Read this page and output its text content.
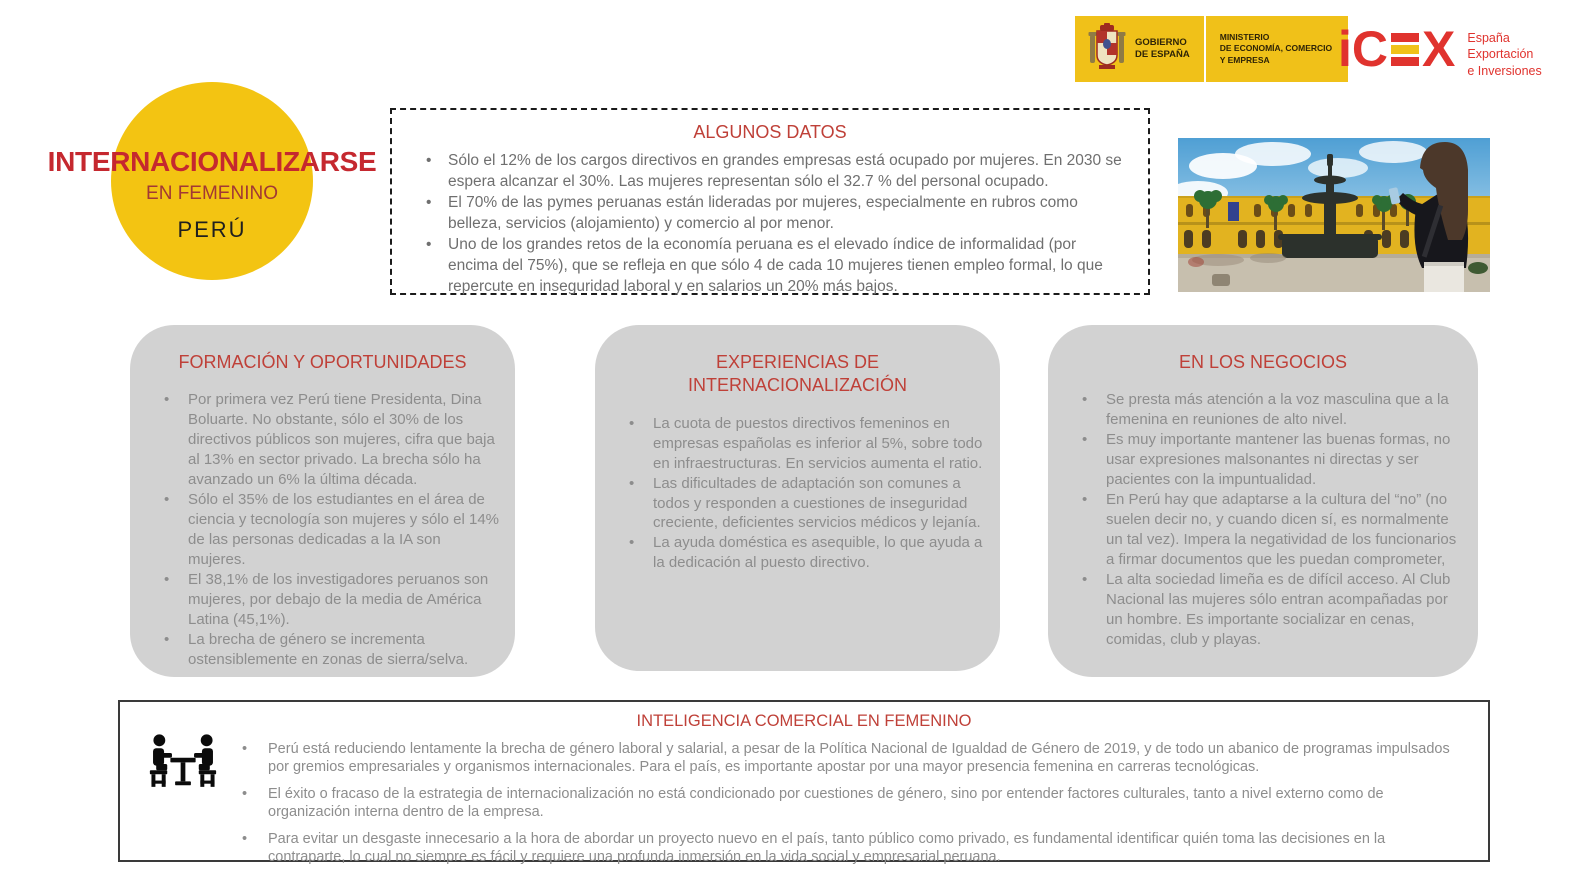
INTERNACIONALIZARSE
EN FEMENINO
PERÚ
GOBIERNO
DE ESPAÑA
MINISTERIO
DE ECONOMÍA, COMERCIO
Y EMPRESA	i C X España
Exportación
e Inversiones
ALGUNOS DATOS
• Sólo el 12% de los cargos directivos en grandes empresas está ocupado por mujeres. En 2030 se espera alcanzar el 30%. Las mujeres representan sólo el 32.7 % del personal ocupado.
• El 70% de las pymes peruanas están lideradas por mujeres, especialmente en rubros como belleza, servicios (alojamiento) y comercio al por menor.
• Uno de los grandes retos de la economía peruana es el elevado índice de informalidad (por encima del 75%), que se refleja en que sólo 4 de cada 10 mujeres tienen empleo formal, lo que repercute en inseguridad laboral y en salarios un 20% más bajos.
FORMACIÓN Y OPORTUNIDADES
• Por primera vez Perú tiene Presidenta, Dina Boluarte. No obstante, sólo el 30% de los directivos públicos son mujeres, cifra que baja al 13% en sector privado. La brecha sólo ha avanzado un 6% la última década.
• Sólo el 35% de los estudiantes en el área de ciencia y tecnología son mujeres y sólo el 14% de las personas dedicadas a la IA son mujeres.
• El 38,1% de los investigadores peruanos son mujeres, por debajo de la media de América Latina (45,1%).
• La brecha de género se incrementa ostensiblemente en zonas de sierra/selva.
EXPERIENCIAS DE INTERNACIONALIZACIÓN
• La cuota de puestos directivos femeninos en empresas españolas es inferior al 5%, sobre todo en infraestructuras. En servicios aumenta el ratio.
• Las dificultades de adaptación son comunes a todos y responden a cuestiones de inseguridad creciente, deficientes servicios médicos y lejanía.
• La ayuda doméstica es asequible, lo que ayuda a la dedicación al puesto directivo.
EN LOS NEGOCIOS
• Se presta más atención a la voz masculina que a la femenina en reuniones de alto nivel.
• Es muy importante mantener las buenas formas, no usar expresiones malsonantes ni directas y ser pacientes con la impuntualidad.
• En Perú hay que adaptarse a la cultura del “no” (no suelen decir no, y cuando dicen sí, es normalmente un tal vez). Impera la negatividad de los funcionarios a firmar documentos que les puedan comprometer,
• La alta sociedad limeña es de difícil acceso. Al Club Nacional las mujeres sólo entran acompañadas por un hombre. Es importante socializar en cenas, comidas, club y playas.
INTELIGENCIA COMERCIAL EN FEMENINO
• Perú está reduciendo lentamente la brecha de género laboral y salarial, a pesar de la Política Nacional de Igualdad de Género de 2019, y de todo un abanico de programas impulsados por gremios empresariales y organismos internacionales. Para el país, es importante apostar por una mayor presencia femenina en carreras tecnológicas.
• El éxito o fracaso de la estrategia de internacionalización no está condicionado por cuestiones de género, sino por entender factores culturales, tanto a nivel externo como de organización interna dentro de la empresa.
• Para evitar un desgaste innecesario a la hora de abordar un proyecto nuevo en el país, tanto público como privado, es fundamental identificar quién toma las decisiones en la contraparte, lo cual no siempre es fácil y requiere una profunda inmersión en la vida social y empresarial peruana.
